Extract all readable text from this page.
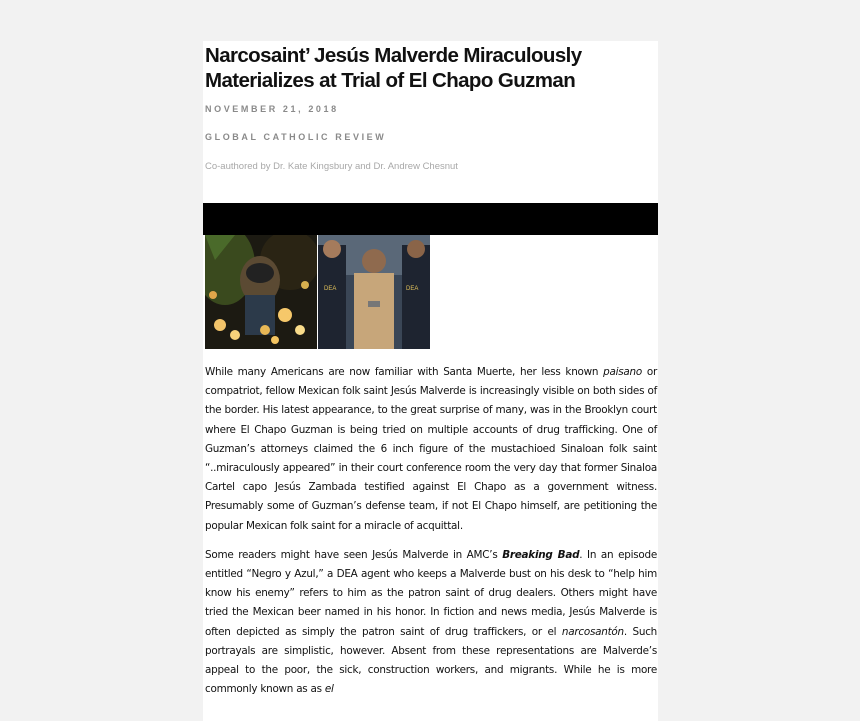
Narcosaint’ Jesús Malverde Miraculously Materializes at Trial of El Chapo Guzman

NOVEMBER 21, 2018

GLOBAL CATHOLIC REVIEW

Co-authored by Dr. Kate Kingsbury and Dr. Andrew Chesnut

DEA	DEA

While many Americans are now familiar with Santa Muerte, her less known paisano or compatriot, fellow Mexican folk saint Jesús Malverde is increasingly visible on both sides of the border. His latest appearance, to the great surprise of many, was in the Brooklyn court where El Chapo Guzman is being tried on multiple accounts of drug trafficking. One of Guzman’s attorneys claimed the 6 inch figure of the mustachioed Sinaloan folk saint “..miraculously appeared” in their court conference room the very day that former Sinaloa Cartel capo Jesús Zambada testified against El Chapo as a government witness. Presumably some of Guzman’s defense team, if not El Chapo himself, are petitioning the popular Mexican folk saint for a miracle of acquittal.

Some readers might have seen Jesús Malverde in AMC’s Breaking Bad. In an episode entitled “Negro y Azul,” a DEA agent who keeps a Malverde bust on his desk to “help him know his enemy” refers to him as the patron saint of drug dealers. Others might have tried the Mexican beer named in his honor. In fiction and news media, Jesús Malverde is often depicted as simply the patron saint of drug traffickers, or el narcosantón. Such portrayals are simplistic, however. Absent from these representations are Malverde’s appeal to the poor, the sick, construction workers, and migrants. While he is more commonly known as as el
